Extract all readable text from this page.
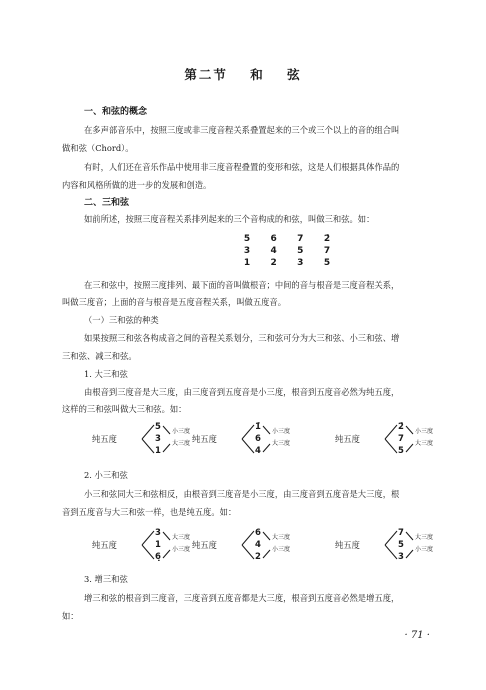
第二节 和 弦
一、和弦的概念
在多声部音乐中，按照三度或非三度音程关系叠置起来的三个或三个以上的音的组合叫
做和弦（Chord）。
有时，人们还在音乐作品中使用非三度音程叠置的变形和弦，这是人们根据具体作品的
内容和风格所做的进一步的发展和创造。
二、三和弦
如前所述，按照三度音程关系排列起来的三个音构成的和弦，叫做三和弦。如：
5	6	7	2̇
3	4	5	7
1	2	3	5
在三和弦中，按照三度排列、最下面的音叫做根音；中间的音与根音是三度音程关系，
叫做三度音；上面的音与根音是五度音程关系，叫做五度音。
（一）三和弦的种类
如果按照三和弦各构成音之间的音程关系划分，三和弦可分为大三和弦、小三和弦、增
三和弦、减三和弦。
1. 大三和弦
由根音到三度音是大三度，由三度音到五度音是小三度，根音到五度音必然为纯五度，
这样的三和弦叫做大三和弦。如：
纯五度
5
3
1
小三度
大三度 纯五度
1̇
6
4
小三度
大三度	纯五度
2̇
7
5
小三度
大三度
2. 小三和弦
小三和弦同大三和弦相反，由根音到三度音是小三度，由三度音到五度音是大三度，根
音到五度音与大三和弦一样，也是纯五度。如：
纯五度
3
1
6̣
大三度
小三度 纯五度
6
4
2
大三度
小三度	纯五度
7
5
3
大三度
小三度
3. 增三和弦
增三和弦的根音到三度音，三度音到五度音都是大三度，根音到五度音必然是增五度，
如：
· 71 ·
